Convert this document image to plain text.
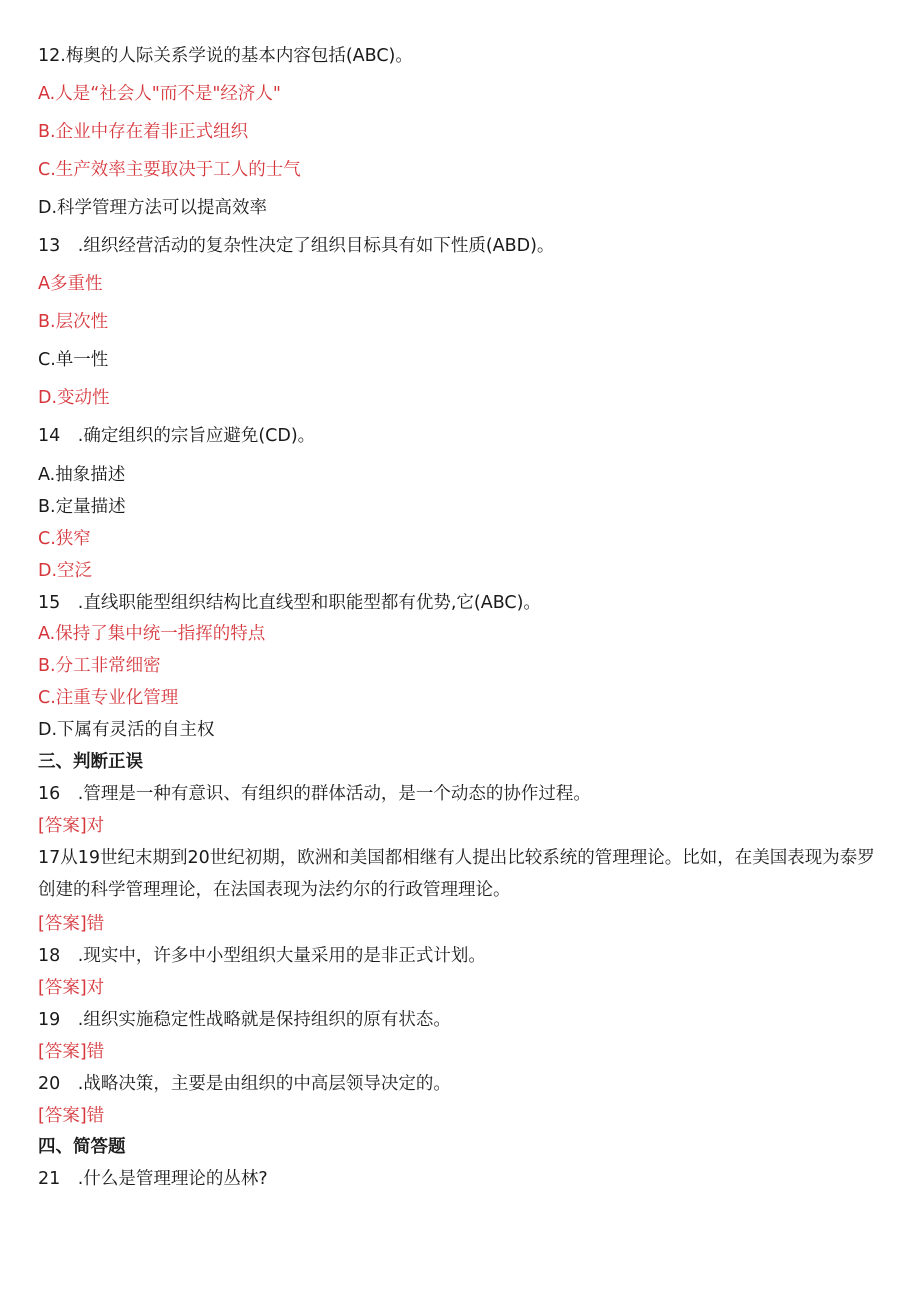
12.梅奥的人际关系学说的基本内容包括(ABC)。
A.人是“社会人"而不是"经济人"
B.企业中存在着非正式组织
C.生产效率主要取决于工人的士气
D.科学管理方法可以提高效率
13　.组织经营活动的复杂性决定了组织目标具有如下性质(ABD)。
A多重性
B.层次性
C.单一性
D.变动性
14　.确定组织的宗旨应避免(CD)。
A.抽象描述
B.定量描述
C.狭窄
D.空泛
15　.直线职能型组织结构比直线型和职能型都有优势,它(ABC)。
A.保持了集中统一指挥的特点
B.分工非常细密
C.注重专业化管理
D.下属有灵活的自主权
三、判断正误
16　.管理是一种有意识、有组织的群体活动，是一个动态的协作过程。
[答案]对
17从19世纪末期到20世纪初期，欧洲和美国都相继有人提出比较系统的管理理论。比如，在美国表现为泰罗创建的科学管理理论，在法国表现为法约尔的行政管理理论。
[答案]错
18　.现实中，许多中小型组织大量采用的是非正式计划。
[答案]对
19　.组织实施稳定性战略就是保持组织的原有状态。
[答案]错
20　.战略决策，主要是由组织的中高层领导决定的。
[答案]错
四、简答题
21　.什么是管理理论的丛林?
